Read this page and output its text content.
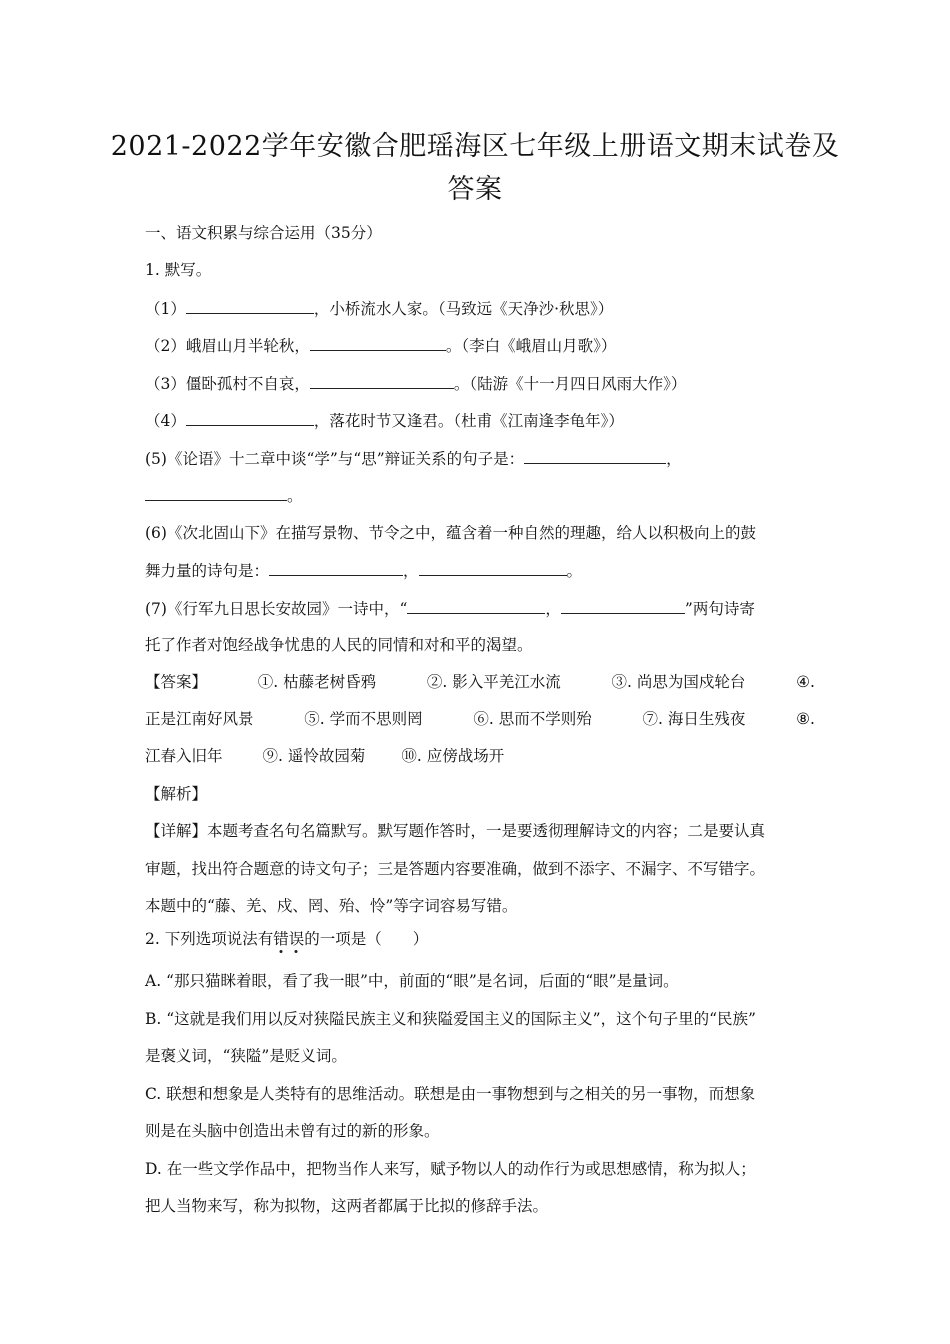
2021-2022学年安徽合肥瑶海区七年级上册语文期末试卷及
答案
一、语文积累与综合运用（35分）
1. 默写。
（1）	，小桥流水人家。（马致远《天净沙·秋思》）
（2）峨眉山月半轮秋，	。（李白《峨眉山月歌》）
（3）僵卧孤村不自哀，	。（陆游《十一月四日风雨大作》）
（4）	，落花时节又逢君。（杜甫《江南逢李龟年》）
(5)《论语》十二章中谈“学”与“思”辩证关系的句子是：	，
。
(6)《次北固山下》在描写景物、节令之中，蕴含着一种自然的理趣，给人以积极向上的鼓
舞力量的诗句是：	，	。
(7)《行军九日思长安故园》一诗中，“	，	”两句诗寄
托了作者对饱经战争忧患的人民的同情和对和平的渴望。
【答案】	①. 枯藤老树昏鸦	②. 影入平羌江水流	③. 尚思为国戍轮台	④.
正是江南好风景	⑤. 学而不思则罔	⑥. 思而不学则殆	⑦. 海日生残夜	⑧.
江春入旧年	⑨. 遥怜故园菊 ⑩. 应傍战场开
【解析】
【详解】本题考查名句名篇默写。默写题作答时，一是要透彻理解诗文的内容；二是要认真
审题，找出符合题意的诗文句子；三是答题内容要准确，做到不添字、不漏字、不写错字。
本题中的“藤、羌、戍、罔、殆、怜”等字词容易写错。
2. 下列选项说法有错误的一项是（　　）
A. “那只猫眯着眼，看了我一眼”中，前面的“眼”是名词，后面的“眼”是量词。
B. “这就是我们用以反对狭隘民族主义和狭隘爱国主义的国际主义”，这个句子里的“民族”
是褒义词，“狭隘”是贬义词。
C. 联想和想象是人类特有的思维活动。联想是由一事物想到与之相关的另一事物，而想象
则是在头脑中创造出未曾有过的新的形象。
D. 在一些文学作品中，把物当作人来写，赋予物以人的动作行为或思想感情，称为拟人；
把人当物来写，称为拟物，这两者都属于比拟的修辞手法。
